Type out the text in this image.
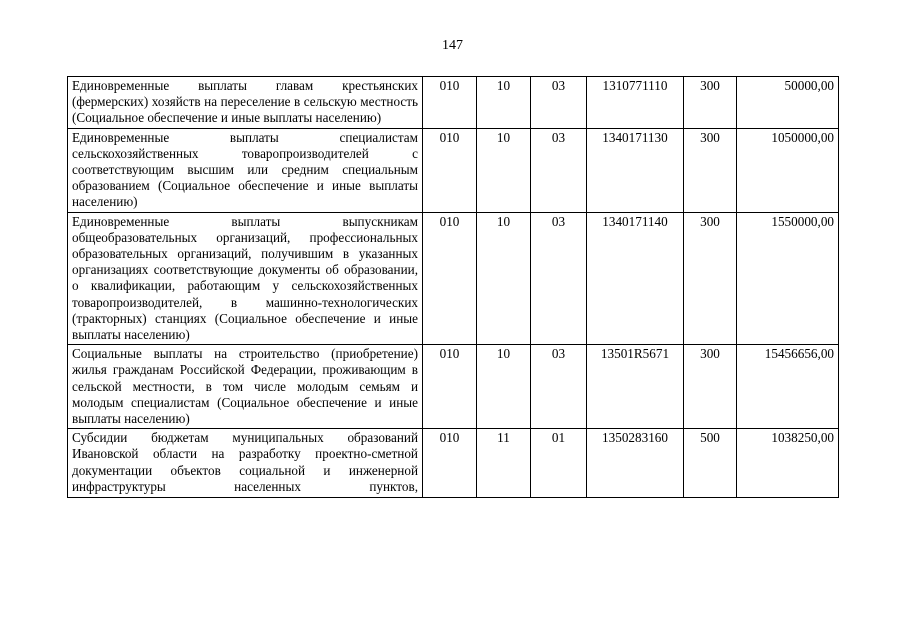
147
Единовременные выплаты главам крестьянских (фермерских) хозяйств на переселение в сельскую местность (Социальное обеспечение и иные выплаты населению)	010	10	03	1310771110	300	50000,00
Единовременные выплаты специалистам сельскохозяйственных товаропроизводителей с соответствующим высшим или средним специальным образованием (Социальное обеспечение и иные выплаты населению)	010	10	03	1340171130	300	1050000,00
Единовременные выплаты выпускникам общеобразовательных организаций, профессиональных образовательных организаций, получившим в указанных организациях соответствующие документы об образовании, о квалификации, работающим у сельскохозяйственных товаропроизводителей, в машинно-технологических (тракторных) станциях (Социальное обеспечение и иные выплаты населению)	010	10	03	1340171140	300	1550000,00
Социальные выплаты на строительство (приобретение) жилья гражданам Российской Федерации, проживающим в сельской местности, в том числе молодым семьям и молодым специалистам (Социальное обеспечение и иные выплаты населению)	010	10	03	13501R5671	300	15456656,00
Субсидии бюджетам муниципальных образований Ивановской области на разработку проектно-сметной документации объектов социальной и инженерной инфраструктуры населенных пунктов,	010	11	01	1350283160	500	1038250,00
